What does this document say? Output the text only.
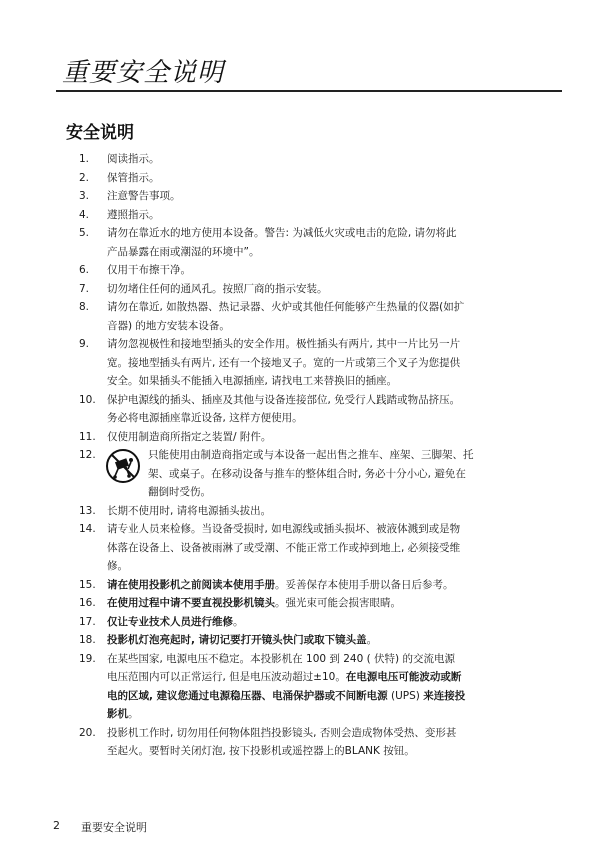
重要安全说明
安全说明
1. 阅读指示。
2. 保管指示。
3. 注意警告事项。
4. 遵照指示。
5. 请勿在靠近水的地方使用本设备。警告: 为减低火灾或电击的危险, 请勿将此
产品暴露在雨或潮湿的环境中”。
6. 仅用干布擦干净。
7. 切勿堵住任何的通风孔。按照厂商的指示安装。
8. 请勿在靠近, 如散热器、热记录器、火炉或其他任何能够产生热量的仪器(如扩
音器) 的地方安装本设备。
9. 请勿忽视极性和接地型插头的安全作用。极性插头有两片, 其中一片比另一片
宽。接地型插头有两片, 还有一个接地叉子。宽的一片或第三个叉子为您提供
安全。如果插头不能插入电源插座, 请找电工来替换旧的插座。
10. 保护电源线的插头、插座及其他与设备连接部位, 免受行人践踏或物品挤压。
务必将电源插座靠近设备, 这样方便使用。
11. 仅使用制造商所指定之装置/ 附件。
12.	只能使用由制造商指定或与本设备一起出售之推车、座架、三脚架、托
架、或桌子。在移动设备与推车的整体组合时, 务必十分小心, 避免在
翻倒时受伤。
13. 长期不使用时, 请将电源插头拔出。
14. 请专业人员来检修。当设备受损时, 如电源线或插头损坏、被液体溅到或是物
体落在设备上、设备被雨淋了或受潮、不能正常工作或掉到地上, 必须接受维
修。
15. 请在使用投影机之前阅读本使用手册。妥善保存本使用手册以备日后参考。
16. 在使用过程中请不要直视投影机镜头。强光束可能会损害眼睛。
17. 仅让专业技术人员进行维修。
18. 投影机灯泡亮起时, 请切记要打开镜头快门或取下镜头盖。
19. 在某些国家, 电源电压不稳定。本投影机在 100 到 240 ( 伏特) 的交流电源
电压范围内可以正常运行, 但是电压波动超过±10。在电源电压可能波动或断
电的区域, 建议您通过电源稳压器、电涌保护器或不间断电源 (UPS) 来连接投
影机。
20. 投影机工作时, 切勿用任何物体阻挡投影镜头, 否则会造成物体受热、变形甚
至起火。要暂时关闭灯泡, 按下投影机或遥控器上的BLANK 按钮。
2 重要安全说明
